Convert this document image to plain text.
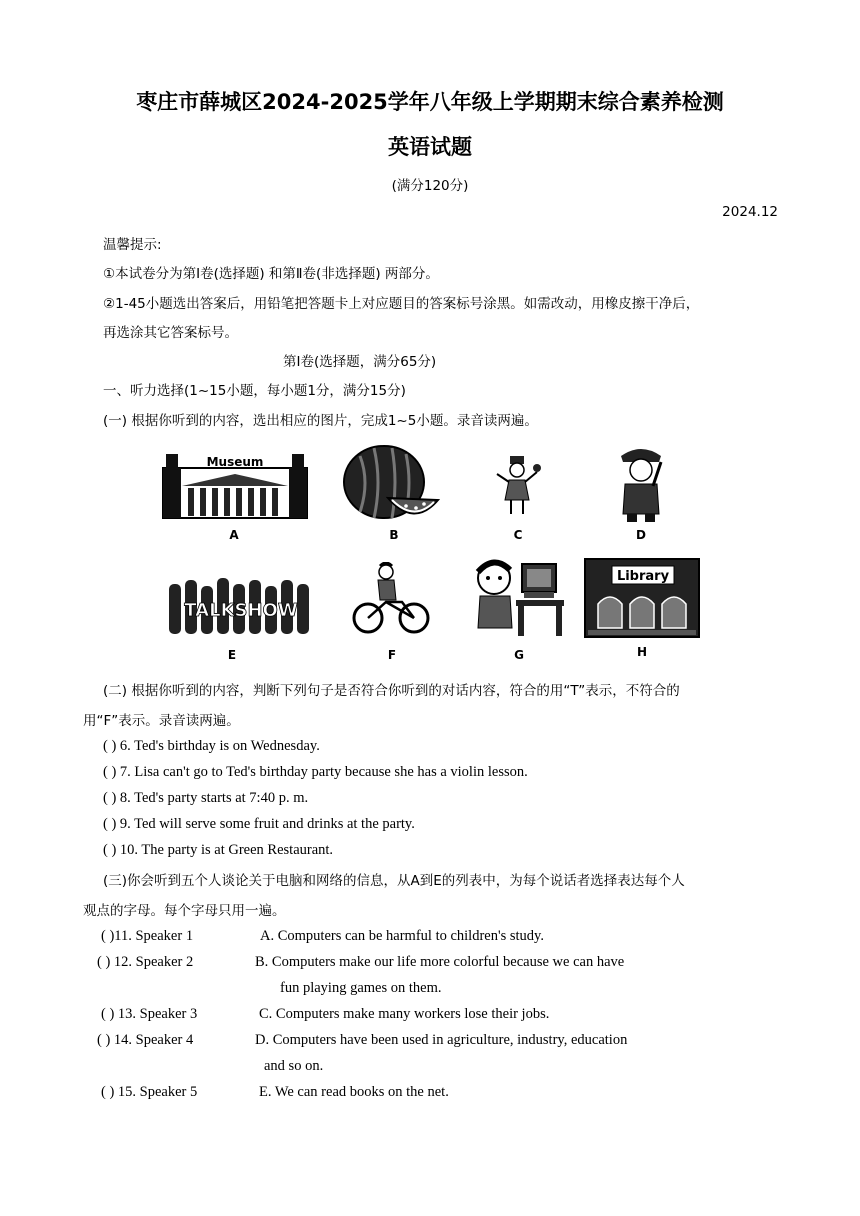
枣庄市薛城区2024-2025学年八年级上学期期末综合素养检测
英语试题
(满分120分)
2024.12
温馨提示:
①本试卷分为第Ⅰ卷(选择题) 和第Ⅱ卷(非选择题) 两部分。
②1-45小题选出答案后，用铅笔把答题卡上对应题目的答案标号涂黑。如需改动，用橡皮擦干净后，
再选涂其它答案标号。
第Ⅰ卷(选择题，满分65分)
一、听力选择(1~15小题，每小题1分，满分15分)
(一) 根据你听到的内容，选出相应的图片，完成1~5小题。录音读两遍。
Museum
A	B	C	D
TALKSHOW
E	F	G
Library
H
(二) 根据你听到的内容，判断下列句子是否符合你听到的对话内容，符合的用“T”表示，不符合的
用“F”表示。录音读两遍。
( ) 6. Ted's birthday is on Wednesday.
( ) 7. Lisa can't go to Ted's birthday party because she has a violin lesson.
( ) 8. Ted's party starts at 7:40 p. m.
( ) 9. Ted will serve some fruit and drinks at the party.
( ) 10. The party is at Green Restaurant.
(三)你会听到五个人谈论关于电脑和网络的信息，从A到E的列表中，为每个说话者选择表达每个人
观点的字母。每个字母只用一遍。
( )11. Speaker 1
( ) 12. Speaker 2
( ) 13. Speaker 3
( ) 14. Speaker 4
( ) 15. Speaker 5
A. Computers can be harmful to children's study.
B. Computers make our life more colorful because we can have
fun playing games on them.
C. Computers make many workers lose their jobs.
D. Computers have been used in agriculture, industry, education
and so on.
E. We can read books on the net.
